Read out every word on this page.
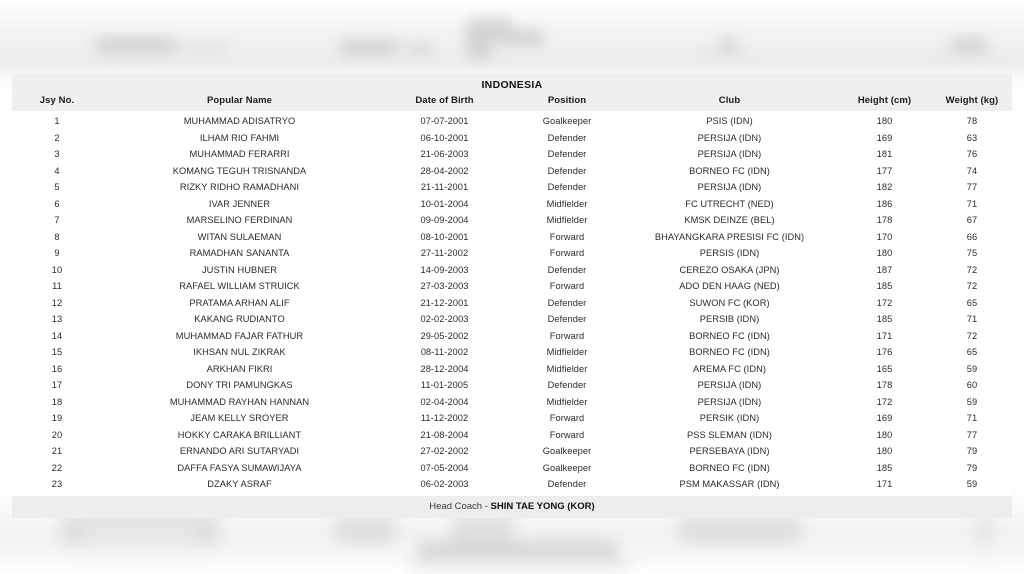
INDONESIA
Jsy No.	Popular Name	Date of Birth	Position	Club	Height (cm)	Weight (kg)
1	MUHAMMAD ADISATRYO	07-07-2001	Goalkeeper	PSIS (IDN)	180	78
2	ILHAM RIO FAHMI	06-10-2001	Defender	PERSIJA (IDN)	169	63
3	MUHAMMAD FERARRI	21-06-2003	Defender	PERSIJA (IDN)	181	76
4	KOMANG TEGUH TRISNANDA	28-04-2002	Defender	BORNEO FC (IDN)	177	74
5	RIZKY RIDHO RAMADHANI	21-11-2001	Defender	PERSIJA (IDN)	182	77
6	IVAR JENNER	10-01-2004	Midfielder	FC UTRECHT (NED)	186	71
7	MARSELINO FERDINAN	09-09-2004	Midfielder	KMSK DEINZE (BEL)	178	67
8	WITAN SULAEMAN	08-10-2001	Forward	BHAYANGKARA PRESISI FC (IDN)	170	66
9	RAMADHAN SANANTA	27-11-2002	Forward	PERSIS (IDN)	180	75
10	JUSTIN HUBNER	14-09-2003	Defender	CEREZO OSAKA (JPN)	187	72
11	RAFAEL WILLIAM STRUICK	27-03-2003	Forward	ADO DEN HAAG (NED)	185	72
12	PRATAMA ARHAN ALIF	21-12-2001	Defender	SUWON FC (KOR)	172	65
13	KAKANG RUDIANTO	02-02-2003	Defender	PERSIB (IDN)	185	71
14	MUHAMMAD FAJAR FATHUR	29-05-2002	Forward	BORNEO FC (IDN)	171	72
15	IKHSAN NUL ZIKRAK	08-11-2002	Midfielder	BORNEO FC (IDN)	176	65
16	ARKHAN FIKRI	28-12-2004	Midfielder	AREMA FC (IDN)	165	59
17	DONY TRI PAMUNGKAS	11-01-2005	Defender	PERSIJA (IDN)	178	60
18	MUHAMMAD RAYHAN HANNAN	02-04-2004	Midfielder	PERSIJA (IDN)	172	59
19	JEAM KELLY SROYER	11-12-2002	Forward	PERSIK (IDN)	169	71
20	HOKKY CARAKA BRILLIANT	21-08-2004	Forward	PSS SLEMAN (IDN)	180	77
21	ERNANDO ARI SUTARYADI	27-02-2002	Goalkeeper	PERSEBAYA (IDN)	180	79
22	DAFFA FASYA SUMAWIJAYA	07-05-2004	Goalkeeper	BORNEO FC (IDN)	185	79
23	DZAKY ASRAF	06-02-2003	Defender	PSM MAKASSAR (IDN)	171	59
Head Coach - SHIN TAE YONG (KOR)
